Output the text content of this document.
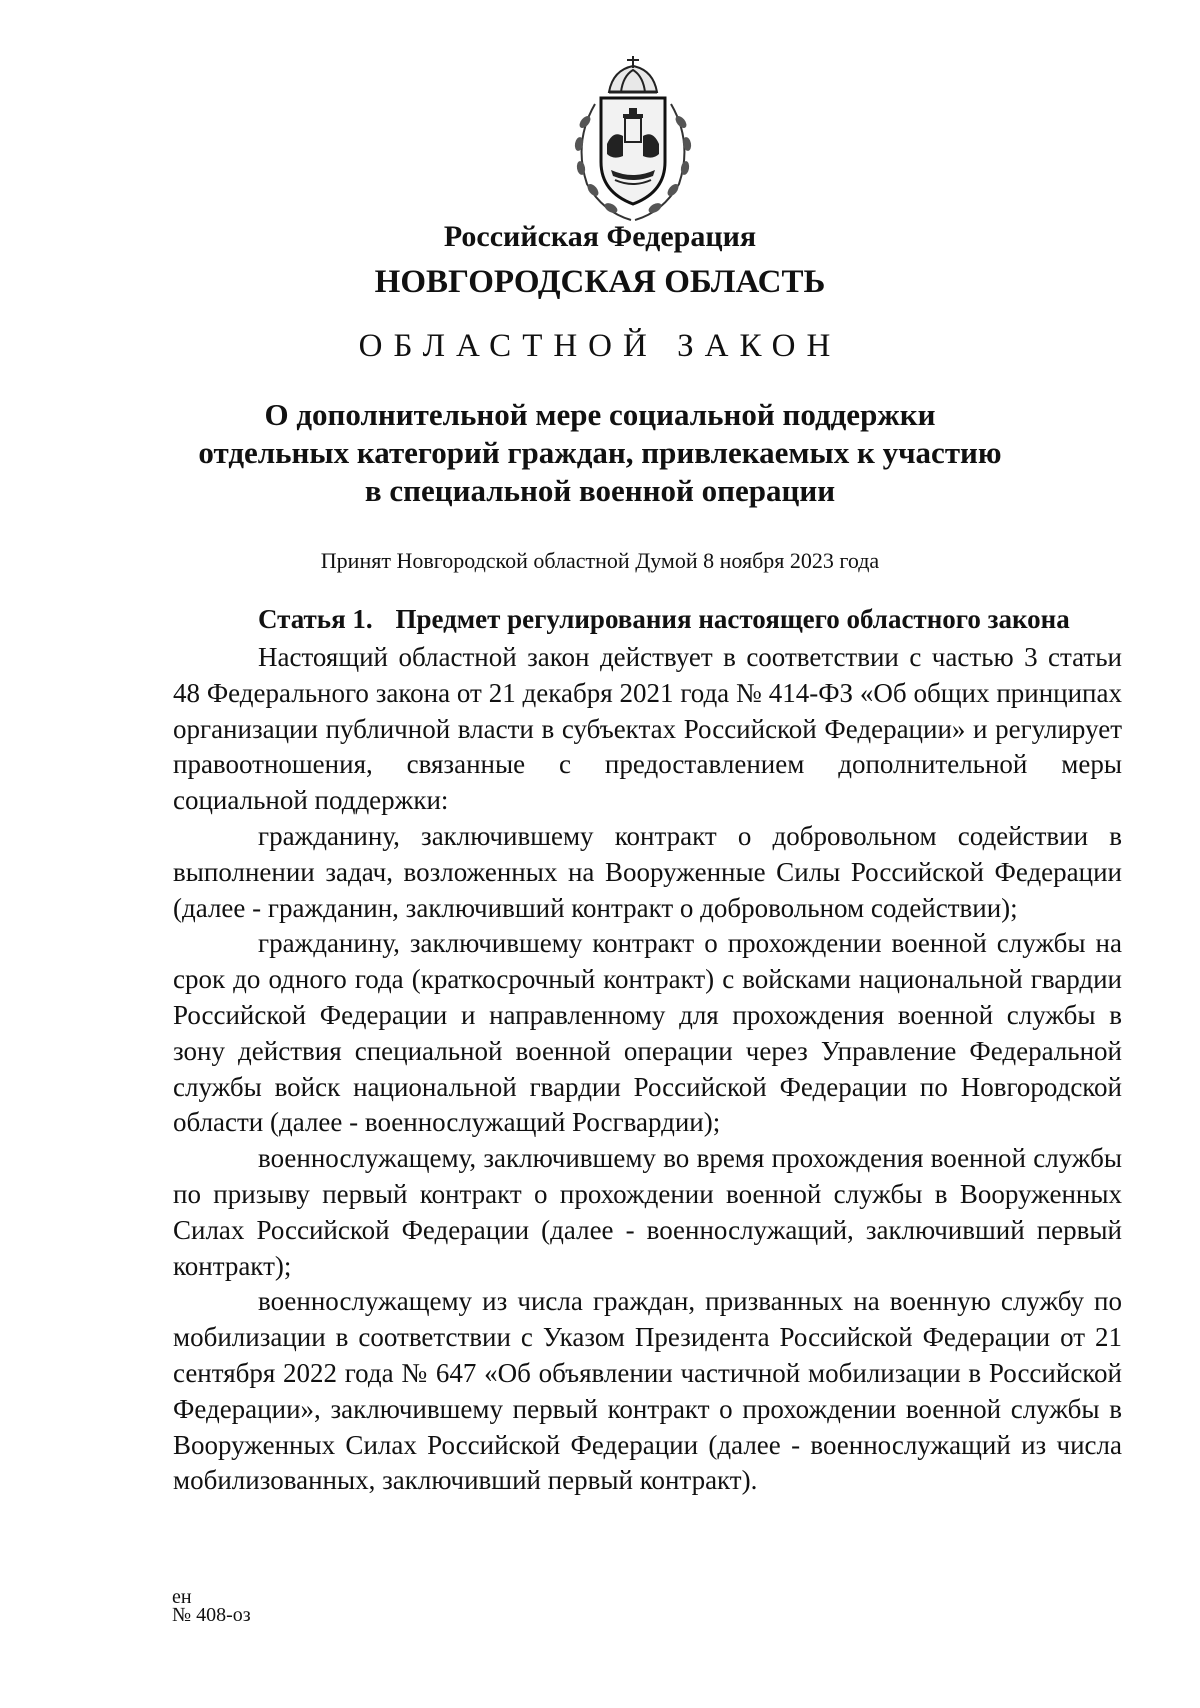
Российская Федерация
НОВГОРОДСКАЯ ОБЛАСТЬ
ОБЛАСТНОЙ ЗАКОН
О дополнительной мере социальной поддержки
отдельных категорий граждан, привлекаемых к участию
в специальной военной операции
Принят Новгородской областной Думой 8 ноября 2023 года
Статья 1. Предмет регулирования настоящего областного закона

Настоящий областной закон действует в соответствии с частью 3 статьи 48 Федерального закона от 21 декабря 2021 года № 414-ФЗ «Об общих принципах организации публичной власти в субъектах Российской Федерации» и регулирует правоотношения, связанные с предоставлением дополнительной меры социальной поддержки:

гражданину, заключившему контракт о добровольном содействии в выполнении задач, возложенных на Вооруженные Силы Российской Федерации (далее - гражданин, заключивший контракт о добровольном содействии);

гражданину, заключившему контракт о прохождении военной службы на срок до одного года (краткосрочный контракт) с войсками национальной гвардии Российской Федерации и направленному для прохождения военной службы в зону действия специальной военной операции через Управление Федеральной службы войск национальной гвардии Российской Федерации по Новгородской области (далее - военнослужащий Росгвардии);

военнослужащему, заключившему во время прохождения военной службы по призыву первый контракт о прохождении военной службы в Вооруженных Силах Российской Федерации (далее - военнослужащий, заключивший первый контракт);

военнослужащему из числа граждан, призванных на военную службу по мобилизации в соответствии с Указом Президента Российской Федерации от 21 сентября 2022 года № 647 «Об объявлении частичной мобилизации в Российской Федерации», заключившему первый контракт о прохождении военной службы в Вооруженных Силах Российской Федерации (далее - военнослужащий из числа мобилизованных, заключивший первый контракт).

ен
№ 408-оз
